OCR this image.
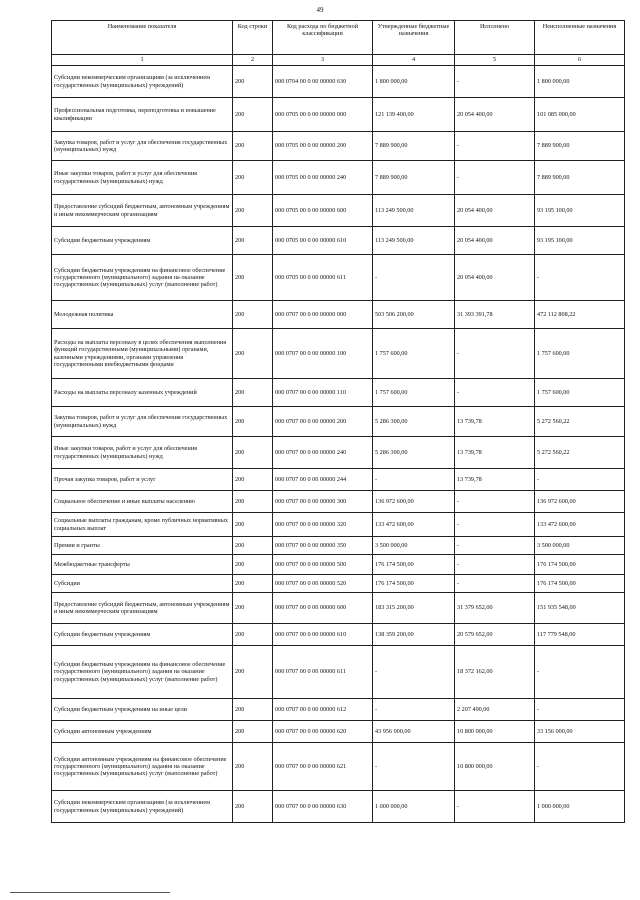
49
Наименование показателя	Код строки	Код расхода по бюджетной классификации	Утвержденные бюджетные назначения	Исполнено	Неисполненные назначения
1	2	3	4	5	6
Субсидии некоммерческим организациям (за исключением государственных (муниципальных) учреждений)	200	000 0704 00 0 00 00000 630	1 800 000,00	-	1 800 000,00
Профессиональная подготовка, переподготовка и повышение квалификации	200	000 0705 00 0 00 00000 000	121 139 400,00	20 054 400,00	101 085 000,00
Закупка товаров, работ и услуг для обеспечения государственных (муниципальных) нужд	200	000 0705 00 0 00 00000 200	7 889 900,00	-	7 889 900,00
Иные закупки товаров, работ и услуг для обеспечения государственных (муниципальных) нужд	200	000 0705 00 0 00 00000 240	7 889 900,00	-	7 889 900,00
Предоставление субсидий бюджетным, автономным учреждениям и иным некоммерческим организациям	200	000 0705 00 0 00 00000 600	113 249 500,00	20 054 400,00	93 195 100,00
Субсидии бюджетным учреждениям	200	000 0705 00 0 00 00000 610	113 249 500,00	20 054 400,00	93 195 100,00
Субсидии бюджетным учреждениям на финансовое обеспечение государственного (муниципального) задания на оказание государственных (муниципальных) услуг (выполнение работ)	200	000 0705 00 0 00 00000 611	-	20 054 400,00	-
Молодежная политика	200	000 0707 00 0 00 00000 000	503 506 200,00	31 393 391,78	472 112 808,22
Расходы на выплаты персоналу в целях обеспечения выполнения функций государственными (муниципальными) органами, казенными учреждениями, органами управления государственными внебюджетными фондами	200	000 0707 00 0 00 00000 100	1 757 600,00	-	1 757 600,00
Расходы на выплаты персоналу казенных учреждений	200	000 0707 00 0 00 00000 110	1 757 600,00	-	1 757 600,00
Закупка товаров, работ и услуг для обеспечения государственных (муниципальных) нужд	200	000 0707 00 0 00 00000 200	5 286 300,00	13 739,78	5 272 560,22
Иные закупки товаров, работ и услуг для обеспечения государственных (муниципальных) нужд	200	000 0707 00 0 00 00000 240	5 286 300,00	13 739,78	5 272 560,22
Прочая закупка товаров, работ и услуг	200	000 0707 00 0 00 00000 244	-	13 739,78	-
Социальное обеспечение и иные выплаты населению	200	000 0707 00 0 00 00000 300	136 972 600,00	-	136 972 600,00
Социальные выплаты гражданам, кроме публичных нормативных социальных выплат	200	000 0707 00 0 00 00000 320	133 472 600,00	-	133 472 600,00
Премии и гранты	200	000 0707 00 0 00 00000 350	3 500 000,00	-	3 500 000,00
Межбюджетные трансферты	200	000 0707 00 0 00 00000 500	176 174 500,00	-	176 174 500,00
Субсидии	200	000 0707 00 0 00 00000 520	176 174 500,00	-	176 174 500,00
Предоставление субсидий бюджетным, автономным учреждениям и иным некоммерческим организациям	200	000 0707 00 0 00 00000 600	183 315 200,00	31 379 652,00	151 935 548,00
Субсидии бюджетным учреждениям	200	000 0707 00 0 00 00000 610	138 359 200,00	20 579 652,00	117 779 548,00
Субсидии бюджетным учреждениям на финансовое обеспечение государственного (муниципального) задания на оказание государственных (муниципальных) услуг (выполнение работ)	200	000 0707 00 0 00 00000 611	-	18 372 162,00	-
Субсидии бюджетным учреждениям на иные цели	200	000 0707 00 0 00 00000 612	-	2 207 490,00	-
Субсидии автономным учреждениям	200	000 0707 00 0 00 00000 620	43 956 000,00	10 800 000,00	33 156 000,00
Субсидии автономным учреждениям на финансовое обеспечение государственного (муниципального) задания на оказание государственных (муниципальных) услуг (выполнение работ)	200	000 0707 00 0 00 00000 621	-	10 800 000,00	-
Субсидии некоммерческим организациям (за исключением государственных (муниципальных) учреждений)	200	000 0707 00 0 00 00000 630	1 000 000,00	-	1 000 000,00
